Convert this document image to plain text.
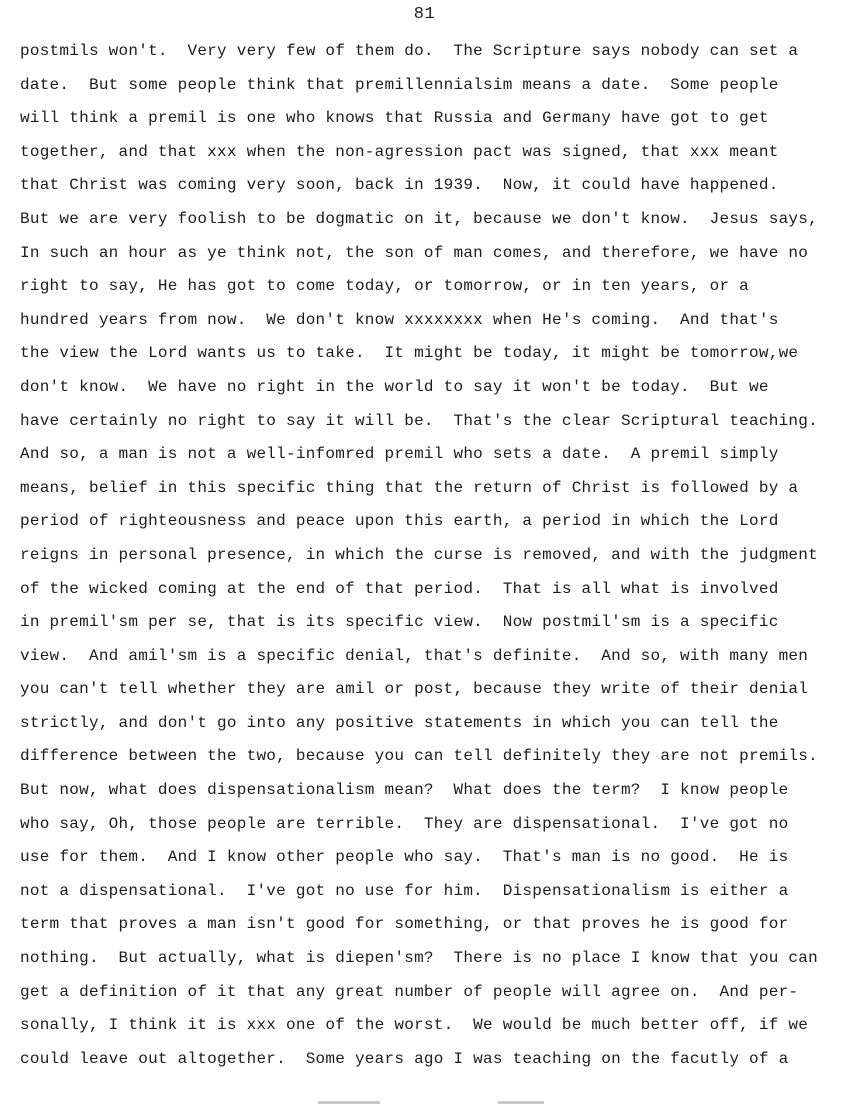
81
postmils won't.  Very very few of them do.  The Scripture says nobody can set a
date.  But some people think that premillennialsim means a date.  Some people
will think a premil is one who knows that Russia and Germany have got to get
together, and that xxx when the non-agression pact was signed, that xxx meant
that Christ was coming very soon, back in 1939.  Now, it could have happened.
But we are very foolish to be dogmatic on it, because we don't know.  Jesus says,
In such an hour as ye think not, the son of man comes, and therefore, we have no
right to say, He has got to come today, or tomorrow, or in ten years, or a
hundred years from now.  We don't know xxxxxxxx when He's coming.  And that's
the view the Lord wants us to take.  It might be today, it might be tomorrow,we
don't know.  We have no right in the world to say it won't be today.  But we
have certainly no right to say it will be.  That's the clear Scriptural teaching.
And so, a man is not a well-infomred premil who sets a date.  A premil simply
means, belief in this specific thing that the return of Christ is followed by a
period of righteousness and peace upon this earth, a period in which the Lord
reigns in personal presence, in which the curse is removed, and with the judgment
of the wicked coming at the end of that period.  That is all what is involved
in premil'sm per se, that is its specific view.  Now postmil'sm is a specific
view.  And amil'sm is a specific denial, that's definite.  And so, with many men
you can't tell whether they are amil or post, because they write of their denial
strictly, and don't go into any positive statements in which you can tell the
difference between the two, because you can tell definitely they are not premils.
But now, what does dispensationalism mean?  What does the term?  I know people
who say, Oh, those people are terrible.  They are dispensational.  I've got no
use for them.  And I know other people who say.  That's man is no good.  He is
not a dispensational.  I've got no use for him.  Dispensationalism is either a
term that proves a man isn't good for something, or that proves he is good for
nothing.  But actually, what is diepen'sm?  There is no place I know that you can
get a definition of it that any great number of people will agree on.  And per-
sonally, I think it is xxx one of the worst.  We would be much better off, if we
could leave out altogether.  Some years ago I was teaching on the facutly of a
